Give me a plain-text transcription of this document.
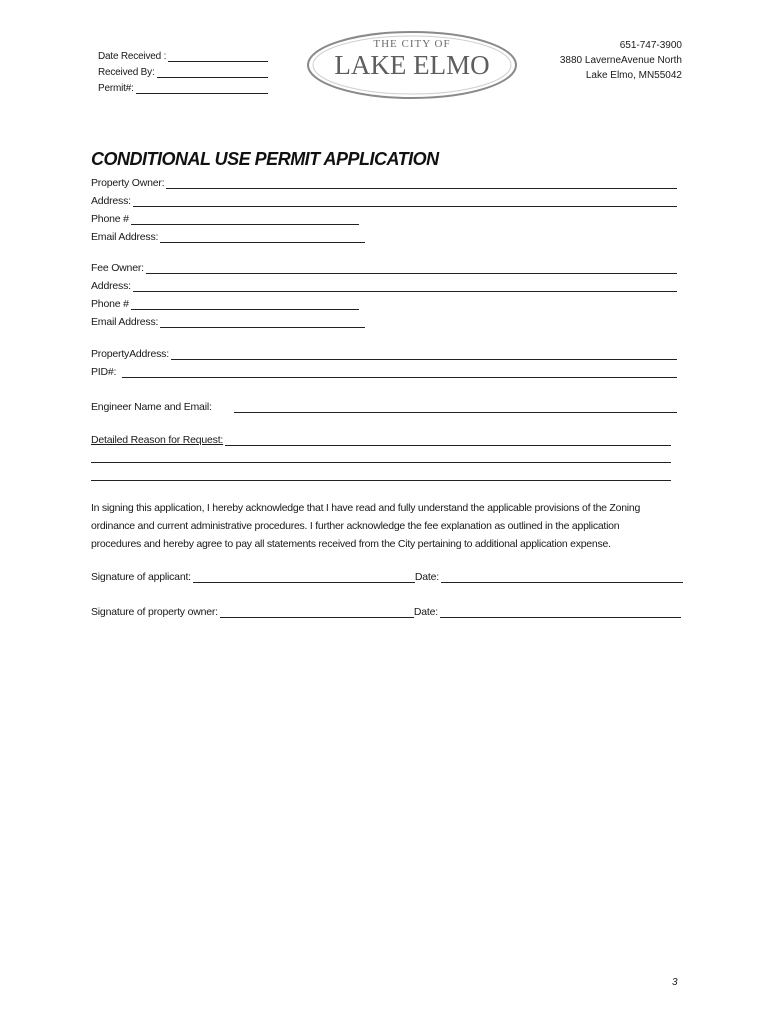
Date Received :
Received By:
Permit#:
THE CITY OF
LAKE ELMO
651-747-3900
3880 LaverneAvenue North
Lake Elmo, MN55042
CONDITIONAL USE PERMIT APPLICATION
Property Owner:
Address:
Phone #
Email Address:
Fee Owner:
Address:
Phone #
Email Address:
PropertyAddress:
PID#:
Engineer Name and Email:
Detailed Reason for Request:
In signing this application, I hereby acknowledge that I have read and fully understand the applicable provisions of the Zoning
ordinance and current administrative procedures. I further acknowledge the fee explanation as outlined in the application
procedures and hereby agree to pay all statements received from the City pertaining to additional application expense.
Signature of applicant:	Date:
Signature of property owner:	Date:
3
